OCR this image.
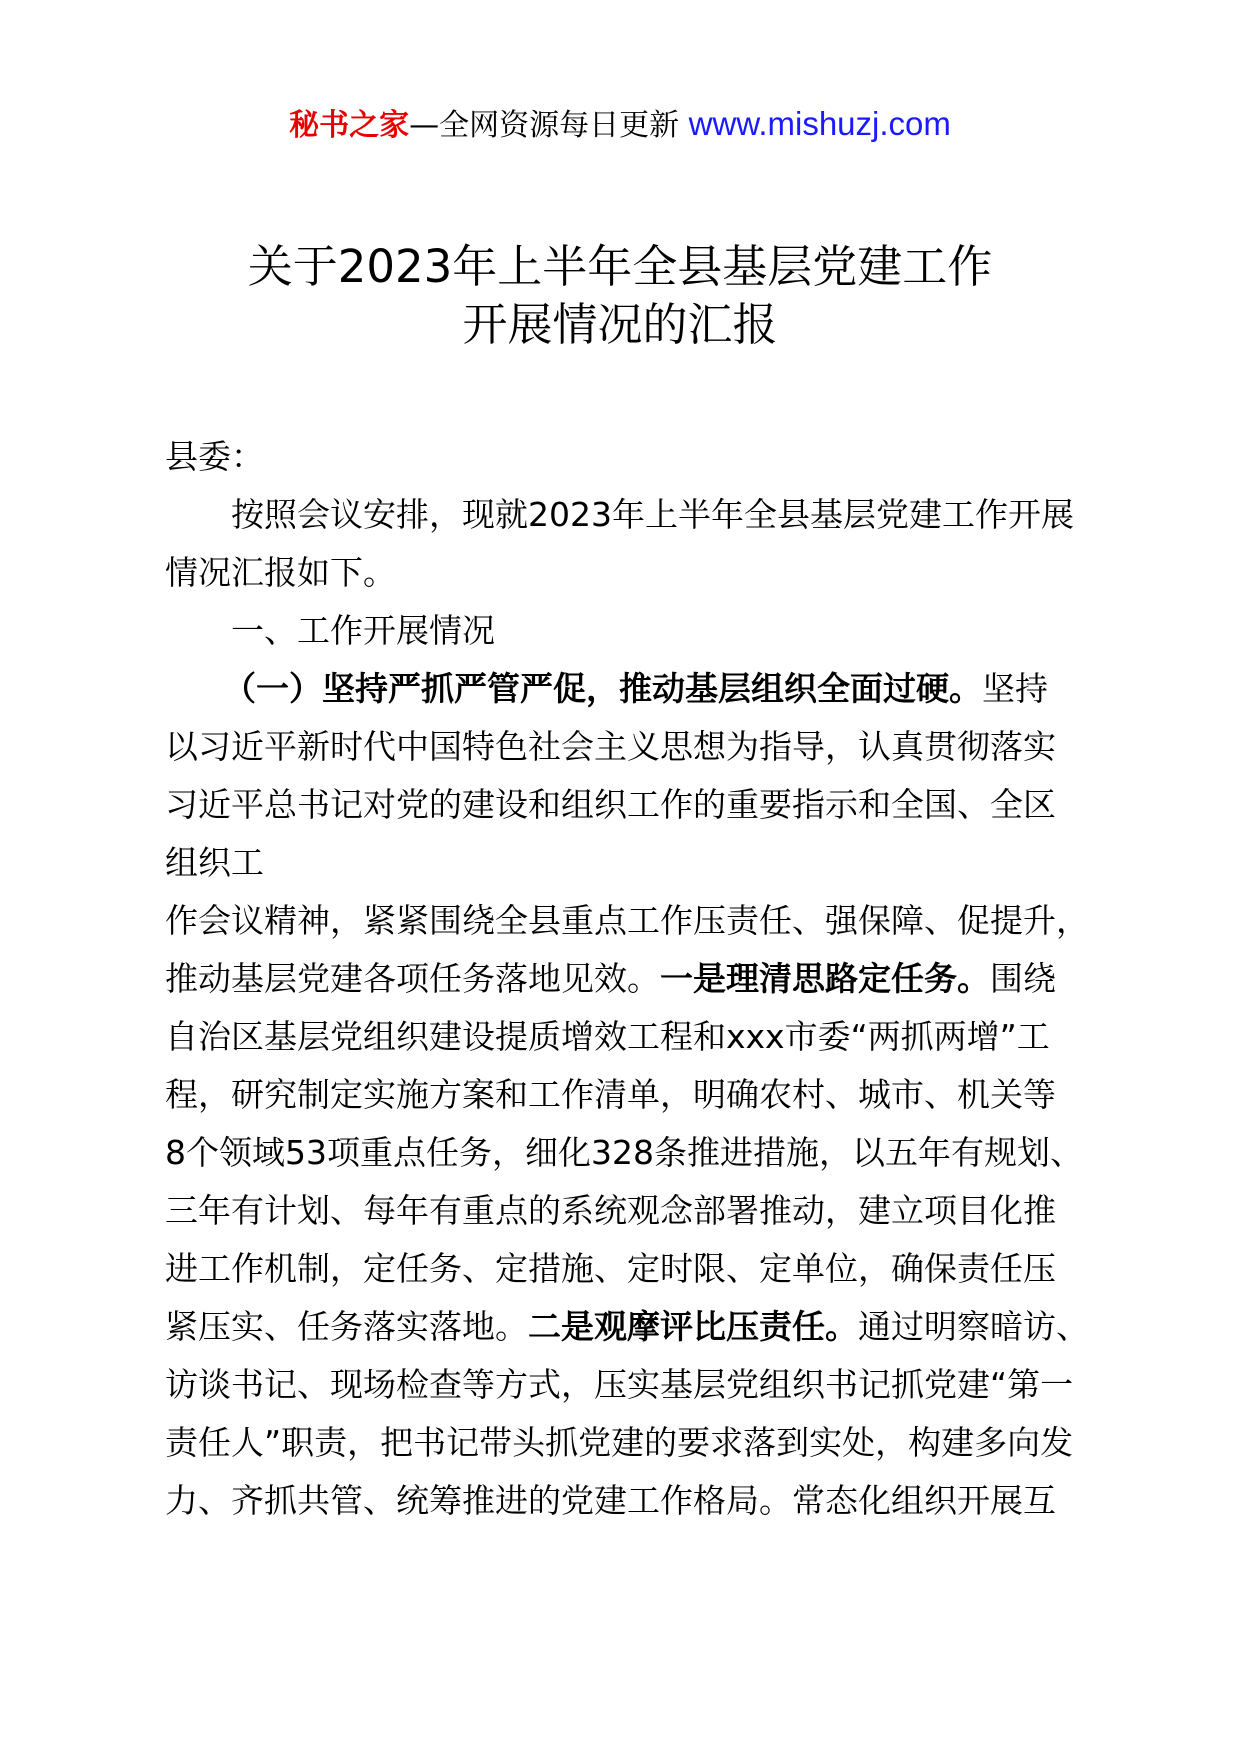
秘书之家—全网资源每日更新 www.mishuzj.com
关于2023年上半年全县基层党建工作
开展情况的汇报
县委：
按照会议安排，现就2023年上半年全县基层党建工作开展
情况汇报如下。
一、工作开展情况
（一）坚持严抓严管严促，推动基层组织全面过硬。坚持
以习近平新时代中国特色社会主义思想为指导，认真贯彻落实
习近平总书记对党的建设和组织工作的重要指示和全国、全区
组织工
作会议精神，紧紧围绕全县重点工作压责任、强保障、促提升，
推动基层党建各项任务落地见效。一是理清思路定任务。围绕
自治区基层党组织建设提质增效工程和xxx市委“两抓两增”工
程，研究制定实施方案和工作清单，明确农村、城市、机关等
8个领域53项重点任务，细化328条推进措施，以五年有规划、
三年有计划、每年有重点的系统观念部署推动，建立项目化推
进工作机制，定任务、定措施、定时限、定单位，确保责任压
紧压实、任务落实落地。二是观摩评比压责任。通过明察暗访、
访谈书记、现场检查等方式，压实基层党组织书记抓党建“第一
责任人”职责，把书记带头抓党建的要求落到实处，构建多向发
力、齐抓共管、统筹推进的党建工作格局。常态化组织开展互
